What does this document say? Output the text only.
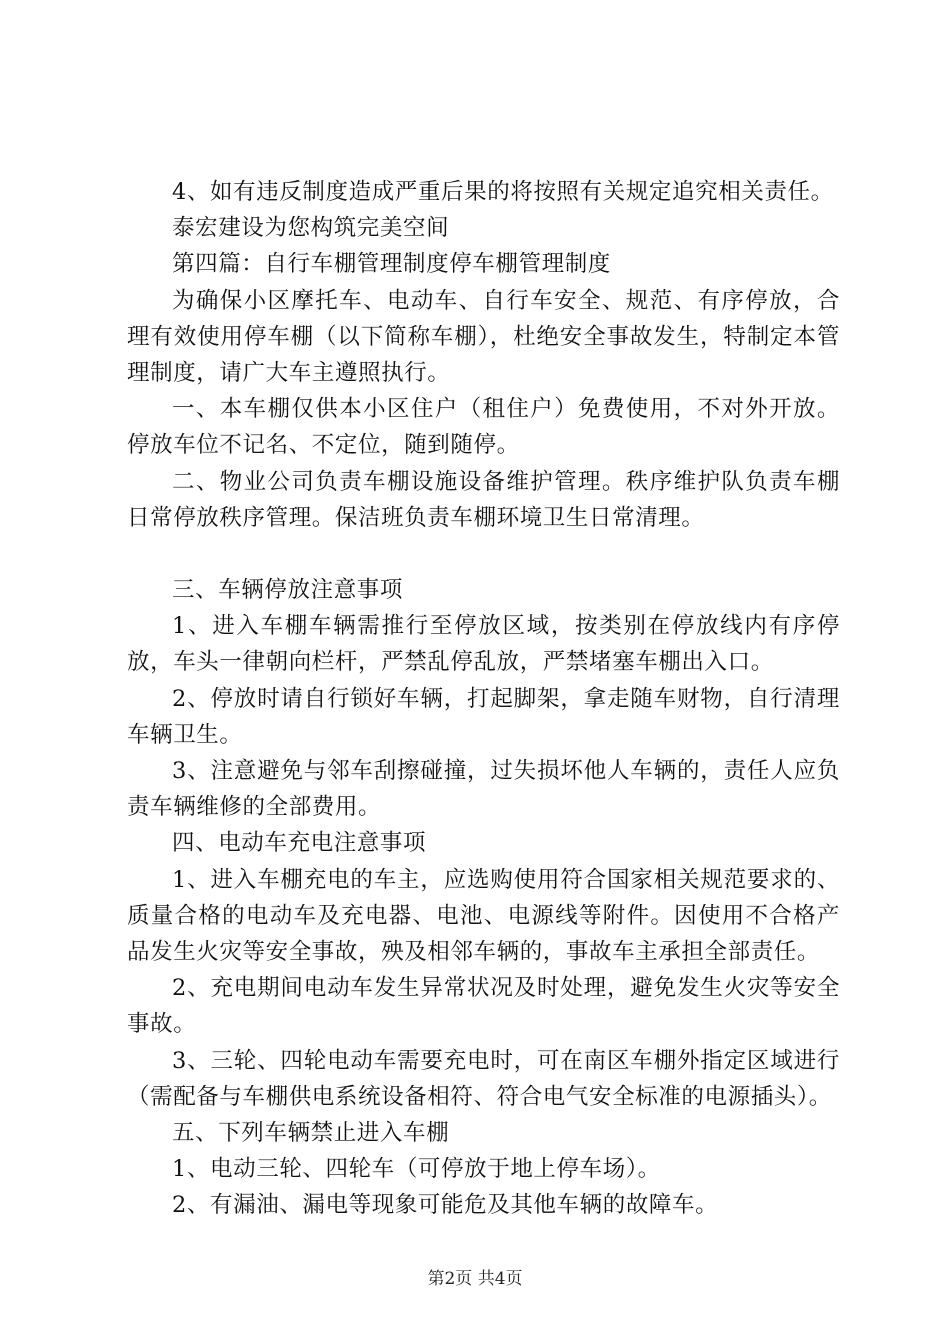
4、如有违反制度造成严重后果的将按照有关规定追究相关责任。

泰宏建设为您构筑完美空间

第四篇：自行车棚管理制度停车棚管理制度

为确保小区摩托车、电动车、自行车安全、规范、有序停放，合理有效使用停车棚（以下简称车棚），杜绝安全事故发生，特制定本管理制度，请广大车主遵照执行。

一、本车棚仅供本小区住户（租住户）免费使用，不对外开放。停放车位不记名、不定位，随到随停。

二、物业公司负责车棚设施设备维护管理。秩序维护队负责车棚日常停放秩序管理。保洁班负责车棚环境卫生日常清理。

三、车辆停放注意事项

1、进入车棚车辆需推行至停放区域，按类别在停放线内有序停放，车头一律朝向栏杆，严禁乱停乱放，严禁堵塞车棚出入口。

2、停放时请自行锁好车辆，打起脚架，拿走随车财物，自行清理车辆卫生。

3、注意避免与邻车刮擦碰撞，过失损坏他人车辆的，责任人应负责车辆维修的全部费用。

四、电动车充电注意事项

1、进入车棚充电的车主，应选购使用符合国家相关规范要求的、质量合格的电动车及充电器、电池、电源线等附件。因使用不合格产品发生火灾等安全事故，殃及相邻车辆的，事故车主承担全部责任。

2、充电期间电动车发生异常状况及时处理，避免发生火灾等安全事故。

3、三轮、四轮电动车需要充电时，可在南区车棚外指定区域进行（需配备与车棚供电系统设备相符、符合电气安全标准的电源插头）。

五、下列车辆禁止进入车棚

1、电动三轮、四轮车（可停放于地上停车场）。

2、有漏油、漏电等现象可能危及其他车辆的故障车。

第2页 共4页
